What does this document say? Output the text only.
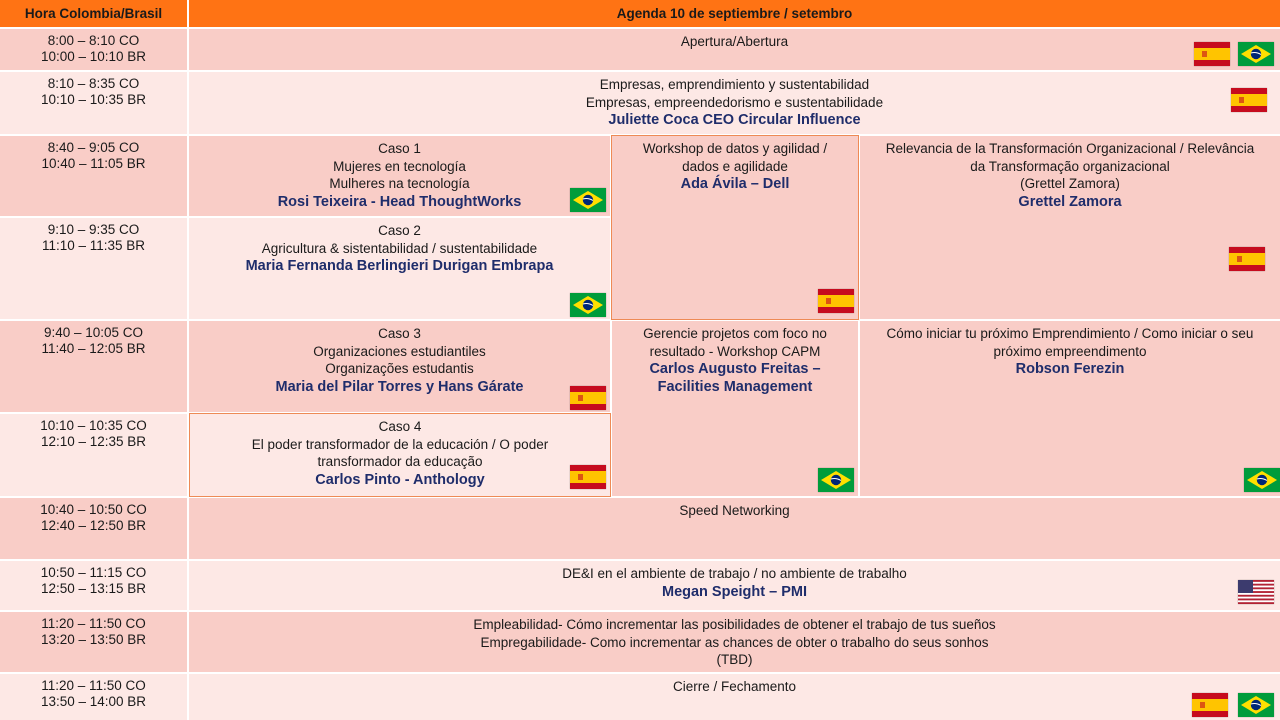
Hora Colombia/Brasil	Agenda 10 de septiembre / setembro
8:00 – 8:10 CO
10:00 – 10:10 BR
Apertura/Abertura
8:10 – 8:35 CO
10:10 – 10:35 BR
Empresas, emprendimiento y sustentabilidad
Empresas, empreendedorismo e sustentabilidade
Juliette Coca CEO Circular Influence
8:40 – 9:05 CO
10:40 – 11:05 BR
Caso 1
Mujeres en tecnología
Mulheres na tecnología
Rosi Teixeira - Head ThoughtWorks
Workshop de datos y agilidad /
dados e agilidade
Ada Ávila – Dell
Relevancia de la Transformación Organizacional / Relevância
da Transformação organizacional
(Grettel Zamora)
Grettel Zamora
9:10 – 9:35 CO
11:10 – 11:35 BR
Caso 2
Agricultura & sistentabilidad / sustentabilidade
Maria Fernanda Berlingieri Durigan Embrapa
9:40 – 10:05 CO
11:40 – 12:05 BR
Caso 3
Organizaciones estudiantiles
Organizações estudantis
Maria del Pilar Torres y Hans Gárate
Gerencie projetos com foco no
resultado - Workshop CAPM
Carlos Augusto Freitas –
Facilities Management
Cómo iniciar tu próximo Emprendimiento / Como iniciar o seu
próximo empreendimento
Robson Ferezin
10:10 – 10:35 CO
12:10 – 12:35 BR
Caso 4
El poder transformador de la educación / O poder
transformador da educação
Carlos Pinto - Anthology
10:40 – 10:50 CO
12:40 – 12:50 BR
Speed Networking
10:50 – 11:15 CO
12:50 – 13:15 BR
DE&I en el ambiente de trabajo / no ambiente de trabalho
Megan Speight – PMI
11:20 – 11:50 CO
13:20 – 13:50 BR
Empleabilidad- Cómo incrementar las posibilidades de obtener el trabajo de tus sueños
Empregabilidade- Como incrementar as chances de obter o trabalho do seus sonhos
(TBD)
11:20 – 11:50 CO
13:50 – 14:00 BR
Cierre / Fechamento
